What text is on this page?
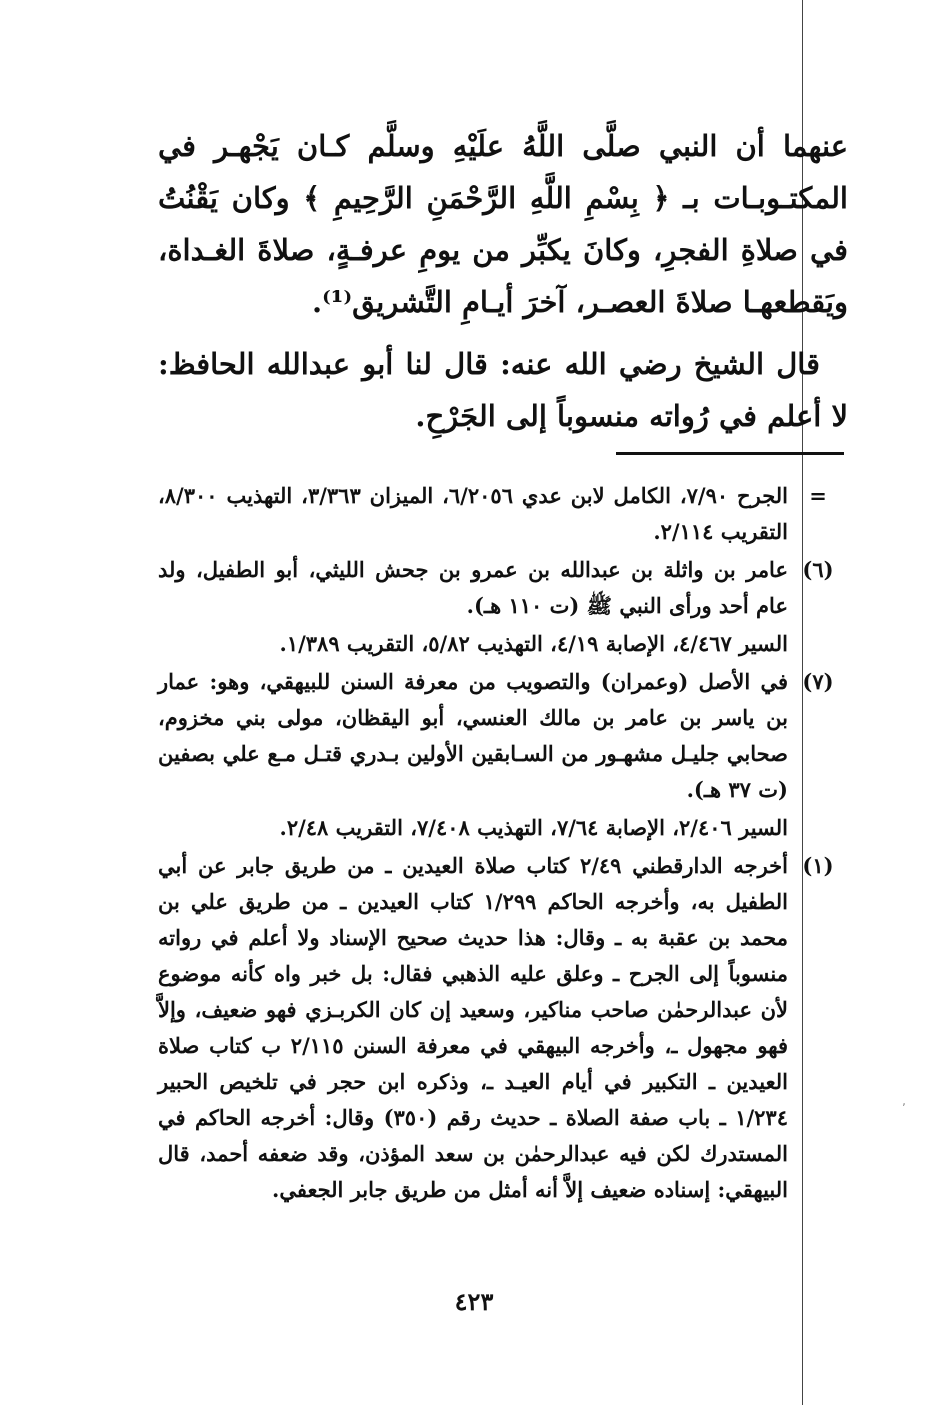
عنهما أن النبي صلَّى اللَّهُ علَيْهِ وسلَّم كـان يَجْهـر في المكتـوبـات بـ ﴿ بِسْمِ اللَّهِ الرَّحْمَنِ الرَّحِيمِ ﴾ وكان يَقْنُتُ في صلاةِ الفجرِ، وكانَ يكبِّر من يومِ عرفـةٍ، صلاةَ الغـداة، ويَقطعهـا صلاةَ العصـر، آخرَ أيـامِ التَّشريق⁽¹⁾.

قال الشيخ رضي الله عنه: قال لنا أبو عبدالله الحافظ: لا أعلم في رُواته منسوباً إلى الجَرْحِ.

=

الجرح ٧/٩٠، الكامل لابن عدي ٦/٢٠٥٦، الميزان ٣/٣٦٣، التهذيب ٨/٣٠٠، التقريب ٢/١١٤.

(٦)

عامر بن واثلة بن عبدالله بن عمرو بن جحش الليثي، أبو الطفيل، ولد عام أحد ورأى النبي ﷺ (ت ١١٠ هـ).

السير ٤/٤٦٧، الإصابة ٤/١٩، التهذيب ٥/٨٢، التقريب ١/٣٨٩.

(٧)

في الأصل (وعمران) والتصويب من معرفة السنن للبيهقي، وهو: عمار بن ياسر بن عامر بن مالك العنسي، أبو اليقظان، مولى بني مخزوم، صحابي جليـل مشهـور من السـابقين الأولين بـدري قتـل مـع علي بصفين (ت ٣٧ هـ).

السير ٢/٤٠٦، الإصابة ٧/٦٤، التهذيب ٧/٤٠٨، التقريب ٢/٤٨.

(١)

أخرجه الدارقطني ٢/٤٩ كتاب صلاة العيدين ـ من طريق جابر عن أبي الطفيل به، وأخرجه الحاكم ١/٢٩٩ كتاب العيدين ـ من طريق علي بن محمد بن عقبة به ـ وقال: هذا حديث صحيح الإسناد ولا أعلم في رواته منسوباً إلى الجرح ـ وعلق عليه الذهبي فقال: بل خبر واه كأنه موضوع لأن عبدالرحمٰن صاحب مناكير، وسعيد إن كان الكربـزي فهو ضعيف، وإلاَّ فهو مجهول ـ، وأخرجه البيهقي في معرفة السنن ٢/١١٥ ب كتاب صلاة العيدين ـ التكبير في أيام العيـد ـ، وذكره ابن حجر في تلخيص الحبير ١/٢٣٤ ـ باب صفة الصلاة ـ حديث رقم (٣٥٠) وقال: أخرجه الحاكم في المستدرك لكن فيه عبدالرحمٰن بن سعد المؤذن، وقد ضعفه أحمد، قال البيهقي: إسناده ضعيف إلاَّ أنه أمثل من طريق جابر الجعفي.

٤٢٣
٬
